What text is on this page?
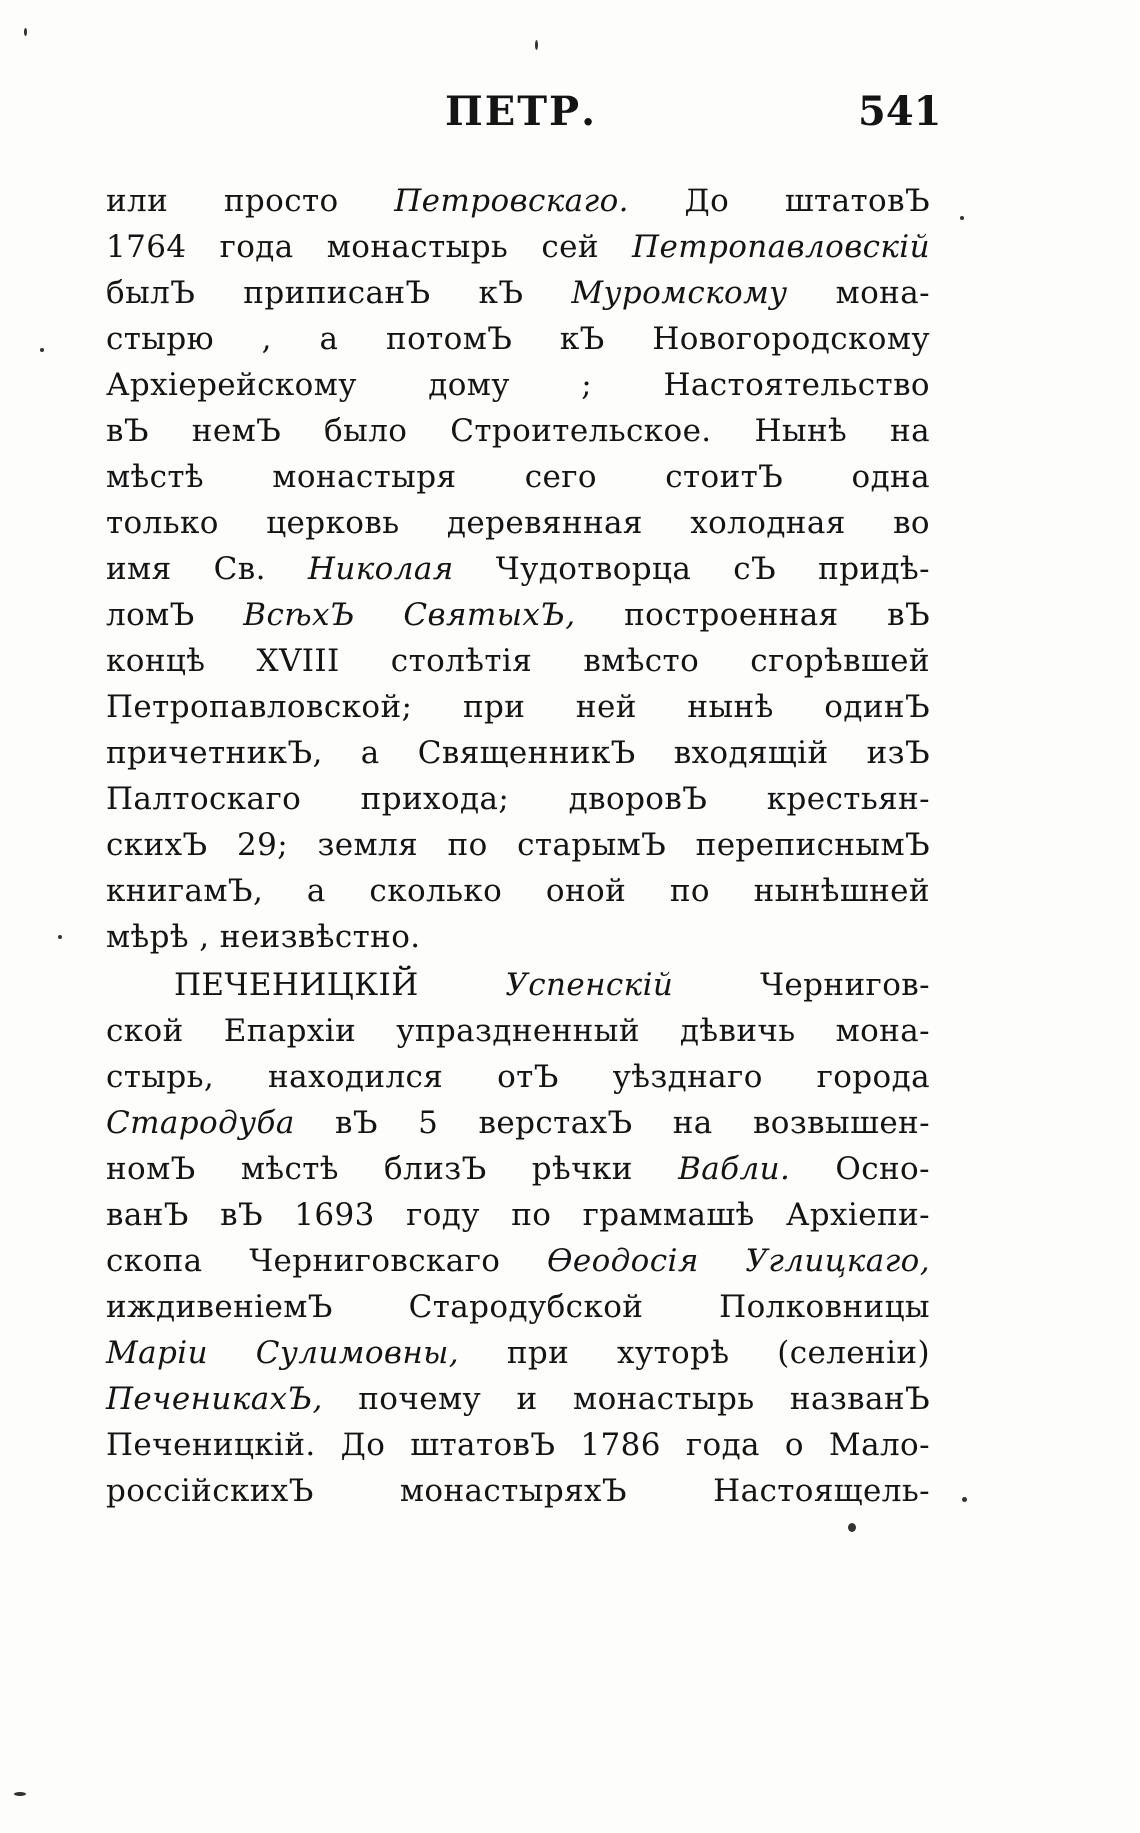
ПЕТР.	541
или просто Петровскаго. До штатовЪ
1764 года монастырь сей Петропавловскій
былЪ приписанЪ кЪ Муромскому мона-
стырю , а потомЪ кЪ Новогородскому
Архіерейскому дому ; Настоятельство
вЪ немЪ было Строительское. Нынѣ на
мѣстѣ монастыря сего стоитЪ одна
только церковь деревянная холодная во
имя Св. Николая Чудотворца сЪ придѣ-
ломЪ ВсѣхЪ СвятыхЪ, построенная вЪ
концѣ XVIII столѣтія вмѣсто сгорѣвшей
Петропавловской; при ней нынѣ одинЪ
причетникЪ, а СвященникЪ входящій изЪ
Палтоскаго прихода; дворовЪ крестьян-
скихЪ 29; земля по старымЪ переписнымЪ
книгамЪ, а сколько оной по нынѣшней
мѣрѣ , неизвѣстно.
ПЕЧЕНИЦКІЙ Успенскій Чернигов-
ской Епархіи упраздненный дѣвичь мона-
стырь, находился отЪ уѣзднаго города
Стародуба вЪ 5 верстахЪ на возвышен-
номЪ мѣстѣ близЪ рѣчки Вабли. Осно-
ванЪ вЪ 1693 году по граммашѣ Архіепи-
скопа Черниговскаго Ѳеодосія Углицкаго,
иждивеніемЪ Стародубской Полковницы
Маріи Сулимовны, при хуторѣ (селеніи)
ПеченикахЪ, почему и монастырь названЪ
Печеницкій. До штатовЪ 1786 года о Мало-
россійскихЪ монастыряхЪ Настоящель-
